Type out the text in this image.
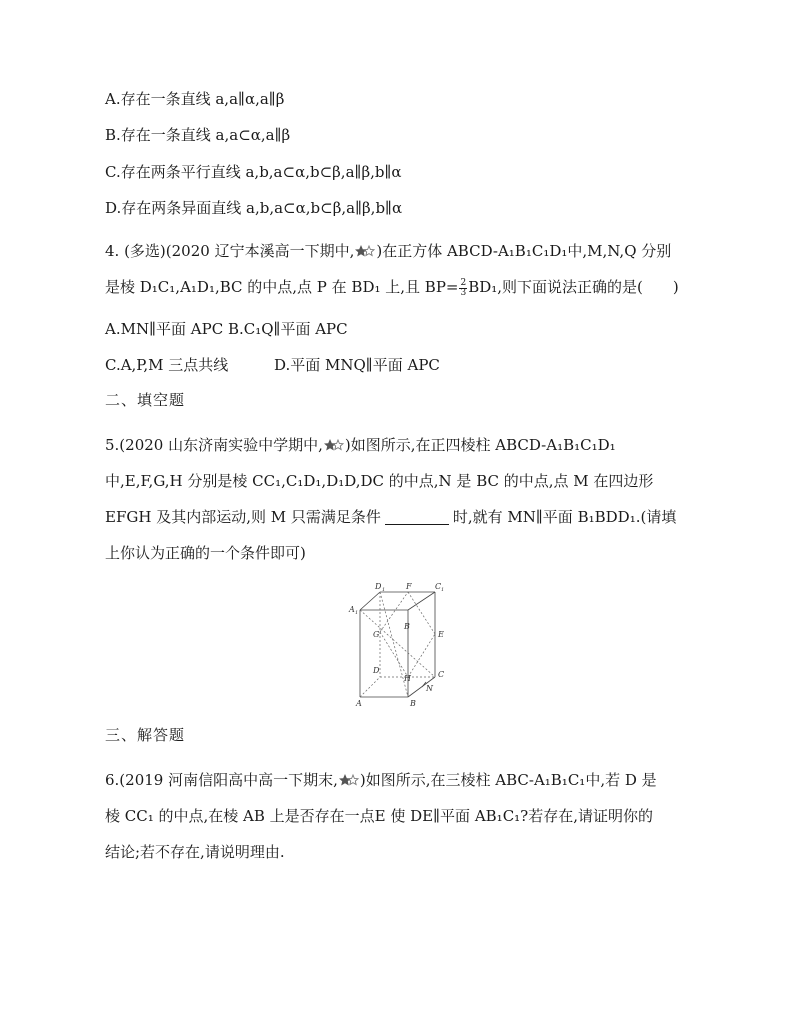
A.存在一条直线 a,a∥α,a∥β
B.存在一条直线 a,a⊂α,a∥β
C.存在两条平行直线 a,b,a⊂α,b⊂β,a∥β,b∥α
D.存在两条异面直线 a,b,a⊂α,b⊂β,a∥β,b∥α
4. (多选)(2020 辽宁本溪高一下期中, )在正方体 ABCD-A₁B₁C₁D₁中,M,N,Q 分别
是棱 D₁C₁,A₁D₁,BC 的中点,点 P 在 BD₁ 上,且 $BP= \frac{2}{3} BD_1$,则下面说法正确的是(　　)
A.MN∥平面 APC B.C₁Q∥平面 APC
C.A,P,M 三点共线	D.平面 MNQ∥平面 APC
二、填空题
5.(2020 山东济南实验中学期中, )如图所示,在正四棱柱 ABCD-A₁B₁C₁D₁
中,E,F,G,H 分别是棱 CC₁,C₁D₁,D₁D,DC 的中点,N 是 BC 的中点,点 M 在四边形
EFGH 及其内部运动,则 M 只需满足条件	时,就有 MN∥平面 B₁BDD₁.(请填
上你认为正确的一个条件即可)
D 1	F	C 1
A 1
G
B
E
D
H	C
N
A	B
三、解答题
6.(2019 河南信阳高中高一下期末, )如图所示,在三棱柱 ABC-A₁B₁C₁中,若 D 是
棱 CC₁ 的中点,在棱 AB 上是否存在一点E 使 DE∥平面 AB₁C₁?若存在,请证明你的
结论;若不存在,请说明理由.
